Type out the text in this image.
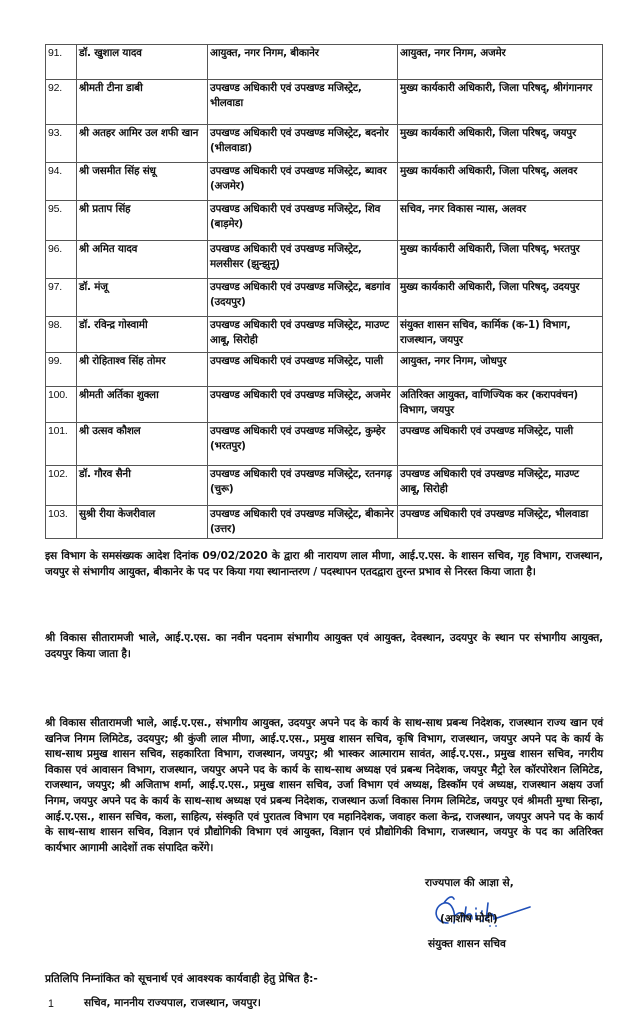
91.	डॉ. खुशाल यादव	आयुक्त, नगर निगम, बीकानेर	आयुक्त, नगर निगम, अजमेर
92.	श्रीमती टीना डाबी	उपखण्ड अधिकारी एवं उपखण्ड मजिस्ट्रेट, भीलवाडा	मुख्य कार्यकारी अधिकारी, जिला परिषद्, श्रीगंगानगर
93.	श्री अतहर आमिर उल शफी खान	उपखण्ड अधिकारी एवं उपखण्ड मजिस्ट्रेट, बदनोर (भीलवाडा)	मुख्य कार्यकारी अधिकारी, जिला परिषद्, जयपुर
94.	श्री जसमीत सिंह संधू	उपखण्ड अधिकारी एवं उपखण्ड मजिस्ट्रेट, ब्यावर (अजमेर)	मुख्य कार्यकारी अधिकारी, जिला परिषद्, अलवर
95.	श्री प्रताप सिंह	उपखण्ड अधिकारी एवं उपखण्ड मजिस्ट्रेट, शिव (बाड़मेर)	सचिव, नगर विकास न्यास, अलवर
96.	श्री अमित यादव	उपखण्ड अधिकारी एवं उपखण्ड मजिस्ट्रेट, मलसीसर (झुन्झुनू)	मुख्य कार्यकारी अधिकारी, जिला परिषद्, भरतपुर
97.	डॉ. मंजू	उपखण्ड अधिकारी एवं उपखण्ड मजिस्ट्रेट, बडगांव (उदयपुर)	मुख्य कार्यकारी अधिकारी, जिला परिषद्, उदयपुर
98.	डॉ. रविन्द्र गोस्वामी	उपखण्ड अधिकारी एवं उपखण्ड मजिस्ट्रेट, माउण्ट आबू, सिरोही	संयुक्त शासन सचिव, कार्मिक (क-1) विभाग, राजस्थान, जयपुर
99.	श्री रोहिताश्व सिंह तोमर	उपखण्ड अधिकारी एवं उपखण्ड मजिस्ट्रेट, पाली	आयुक्त, नगर निगम, जोधपुर
100.	श्रीमती अर्तिका शुक्ला	उपखण्ड अधिकारी एवं उपखण्ड मजिस्ट्रेट, अजमेर	अतिरिक्त आयुक्त, वाणिज्यिक कर (करापवंचन) विभाग, जयपुर
101.	श्री उत्सव कौशल	उपखण्ड अधिकारी एवं उपखण्ड मजिस्ट्रेट, कुम्हेर (भरतपुर)	उपखण्ड अधिकारी एवं उपखण्ड मजिस्ट्रेट, पाली
102.	डॉ. गौरव सैनी	उपखण्ड अधिकारी एवं उपखण्ड मजिस्ट्रेट, रतनगढ़ (चुरू)	उपखण्ड अधिकारी एवं उपखण्ड मजिस्ट्रेट, माउण्ट आबू, सिरोही
103.	सुश्री रीया केजरीवाल	उपखण्ड अधिकारी एवं उपखण्ड मजिस्ट्रेट, बीकानेर (उत्तर)	उपखण्ड अधिकारी एवं उपखण्ड मजिस्ट्रेट, भीलवाडा
इस विभाग के समसंख्यक आदेश दिनांक 09/02/2020 के द्वारा श्री नारायण लाल मीणा, आई.ए.एस. के शासन सचिव, गृह विभाग, राजस्थान, जयपुर से संभागीय आयुक्त, बीकानेर के पद पर किया गया स्थानान्तरण / पदस्थापन एतदद्वारा तुरन्त प्रभाव से निरस्त किया जाता है।
श्री विकास सीतारामजी भाले, आई.ए.एस. का नवीन पदनाम संभागीय आयुक्त एवं आयुक्त, देवस्थान, उदयपुर के स्थान पर संभागीय आयुक्त, उदयपुर किया जाता है।
श्री विकास सीतारामजी भाले, आई.ए.एस., संभागीय आयुक्त, उदयपुर अपने पद के कार्य के साथ-साथ प्रबन्ध निदेशक, राजस्थान राज्य खान एवं खनिज निगम लिमिटेड, उदयपुर; श्री कुंजी लाल मीणा, आई.ए.एस., प्रमुख शासन सचिव, कृषि विभाग, राजस्थान, जयपुर अपने पद के कार्य के साथ-साथ प्रमुख शासन सचिव, सहकारिता विभाग, राजस्थान, जयपुर; श्री भास्कर आत्माराम सावंत, आई.ए.एस., प्रमुख शासन सचिव, नगरीय विकास एवं आवासन विभाग, राजस्थान, जयपुर अपने पद के कार्य के साथ-साथ अध्यक्ष एवं प्रबन्ध निदेशक, जयपुर मैट्रो रेल कॉरपोरेशन लिमिटेड, राजस्थान, जयपुर; श्री अजिताभ शर्मा, आई.ए.एस., प्रमुख शासन सचिव, उर्जा विभाग एवं अध्यक्ष, डिस्कॉम एवं अध्यक्ष, राजस्थान अक्षय उर्जा निगम, जयपुर अपने पद के कार्य के साथ-साथ अध्यक्ष एवं प्रबन्ध निदेशक, राजस्थान ऊर्जा विकास निगम लिमिटेड, जयपुर एवं श्रीमती मुग्धा सिन्हा, आई.ए.एस., शासन सचिव, कला, साहित्य, संस्कृति एवं पुरातत्व विभाग एव महानिदेशक, जवाहर कला केन्द्र, राजस्थान, जयपुर अपने पद के कार्य के साथ-साथ शासन सचिव, विज्ञान एवं प्रौद्योगिकी विभाग एवं आयुक्त, विज्ञान एवं प्रौद्योगिकी विभाग, राजस्थान, जयपुर के पद का अतिरिक्त कार्यभार आगामी आदेशों तक संपादित करेंगे।
राज्यपाल की आज्ञा से,
(आशीष मोदी)
संयुक्त शासन सचिव
प्रतिलिपि निम्नांकित को सूचनार्थ एवं आवश्यक कार्यवाही हेतु प्रेषित है:-
1	सचिव, माननीय राज्यपाल, राजस्थान, जयपुर।
